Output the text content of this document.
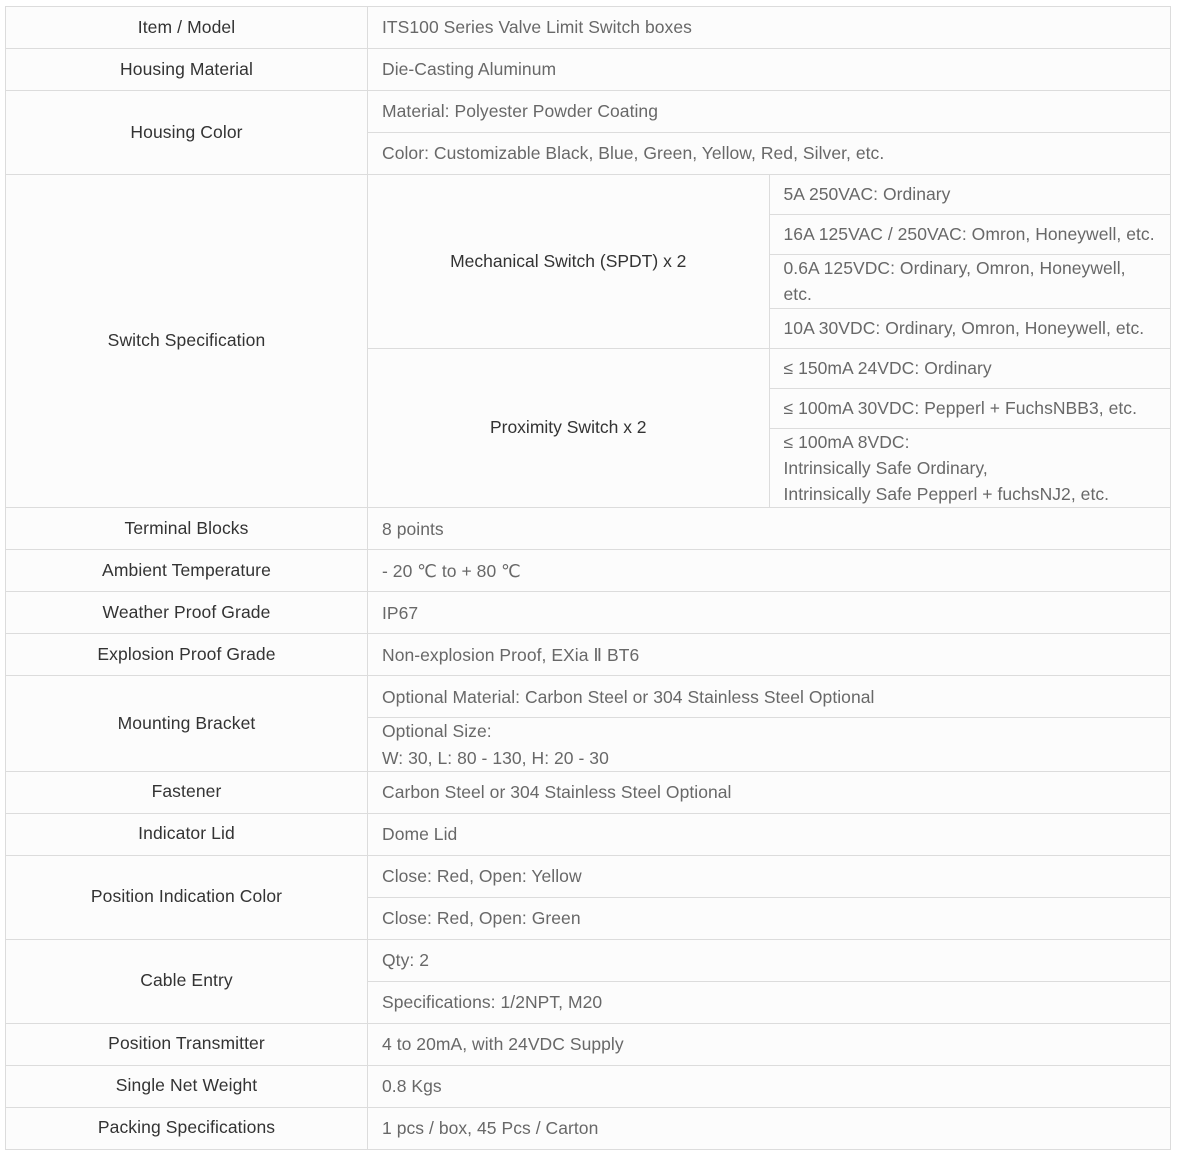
Item / Model	ITS100 Series Valve Limit Switch boxes	
Housing Material	Die-Casting Aluminum	
Housing Color	Material: Polyester Powder Coating	
	Color: Customizable Black, Blue, Green, Yellow, Red, Silver, etc.	
Switch Specification	Mechanical Switch (SPDT) x 2	5A 250VAC: Ordinary
		16A 125VAC / 250VAC: Omron, Honeywell, etc.
		0.6A 125VDC: Ordinary, Omron, Honeywell, etc.
		10A 30VDC: Ordinary, Omron, Honeywell, etc.
	Proximity Switch x 2	≤ 150mA 24VDC: Ordinary
		≤ 100mA 30VDC: Pepperl + FuchsNBB3, etc.

		≤ 100mA 8VDC:
Intrinsically Safe Ordinary,
Intrinsically Safe Pepperl + fuchsNJ2, etc.

Terminal Blocks	8 points	
Ambient Temperature	- 20 ℃ to + 80 ℃	
Weather Proof Grade	IP67	
Explosion Proof Grade	Non-explosion Proof, EXia Ⅱ BT6	
Mounting Bracket	Optional Material: Carbon Steel or 304 Stainless Steel Optional	

	Optional Size:
W: 30, L: 80 - 130, H: 20 - 30	

Fastener	Carbon Steel or 304 Stainless Steel Optional	
Indicator Lid	Dome Lid	
Position Indication Color	Close: Red, Open: Yellow	
	Close: Red, Open: Green	
Cable Entry	Qty: 2	
	Specifications: 1/2NPT, M20	
Position Transmitter	4 to 20mA, with 24VDC Supply	
Single Net Weight	0.8 Kgs	
Packing Specifications	1 pcs / box, 45 Pcs / Carton	
